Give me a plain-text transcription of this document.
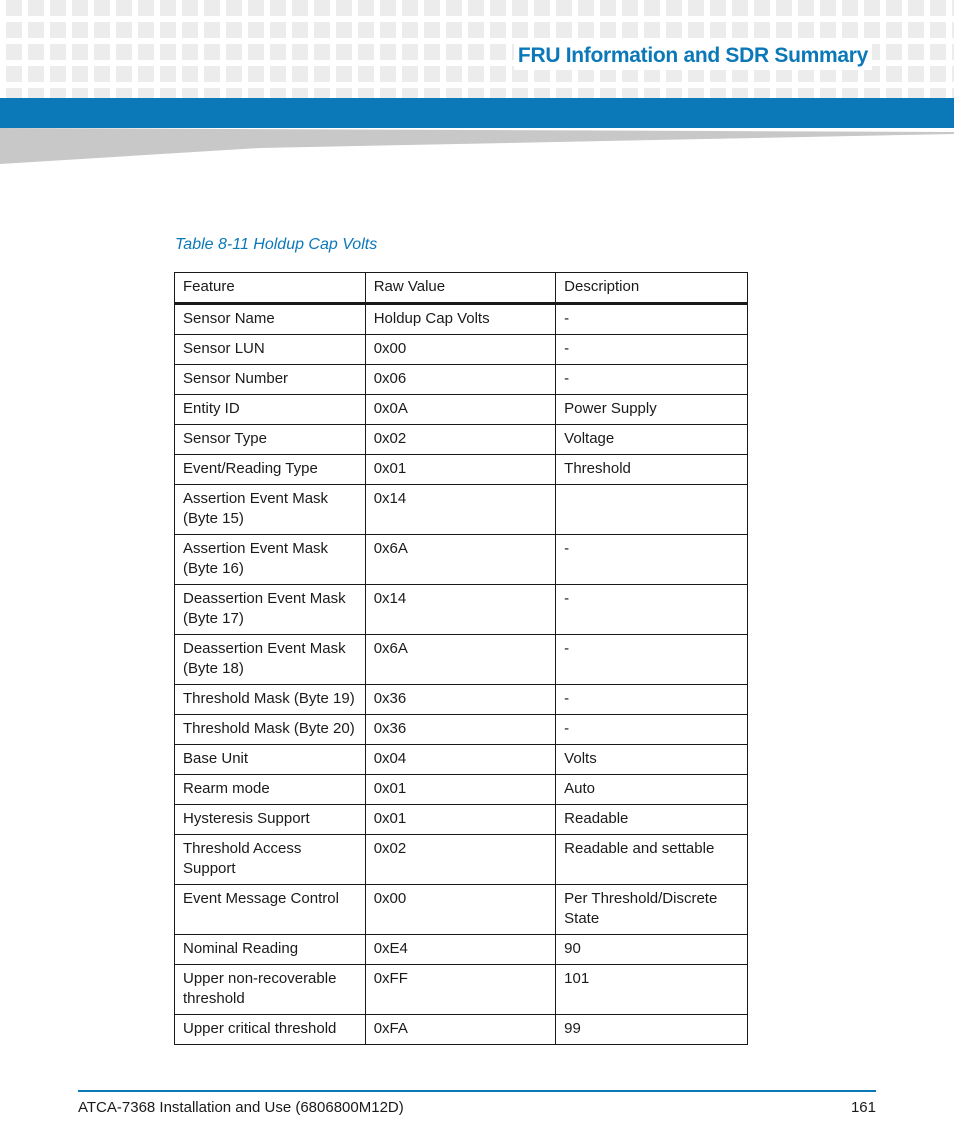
FRU Information and SDR Summary

Table 8-11 Holdup Cap Volts

Feature	Raw Value	Description
Sensor Name	Holdup Cap Volts	-
Sensor LUN	0x00	-
Sensor Number	0x06	-
Entity ID	0x0A	Power Supply
Sensor Type	0x02	Voltage
Event/Reading Type	0x01	Threshold
Assertion Event Mask (Byte 15)	0x14	
Assertion Event Mask (Byte 16)	0x6A	-
Deassertion Event Mask (Byte 17)	0x14	-
Deassertion Event Mask (Byte 18)	0x6A	-
Threshold Mask (Byte 19)	0x36	-
Threshold Mask (Byte 20)	0x36	-
Base Unit	0x04	Volts
Rearm mode	0x01	Auto
Hysteresis Support	0x01	Readable
Threshold Access Support	0x02	Readable and settable
Event Message Control	0x00	Per Threshold/Discrete State
Nominal Reading	0xE4	90
Upper non-recoverable threshold	0xFF	101
Upper critical threshold	0xFA	99

ATCA-7368 Installation and Use (6806800M12D)	161
